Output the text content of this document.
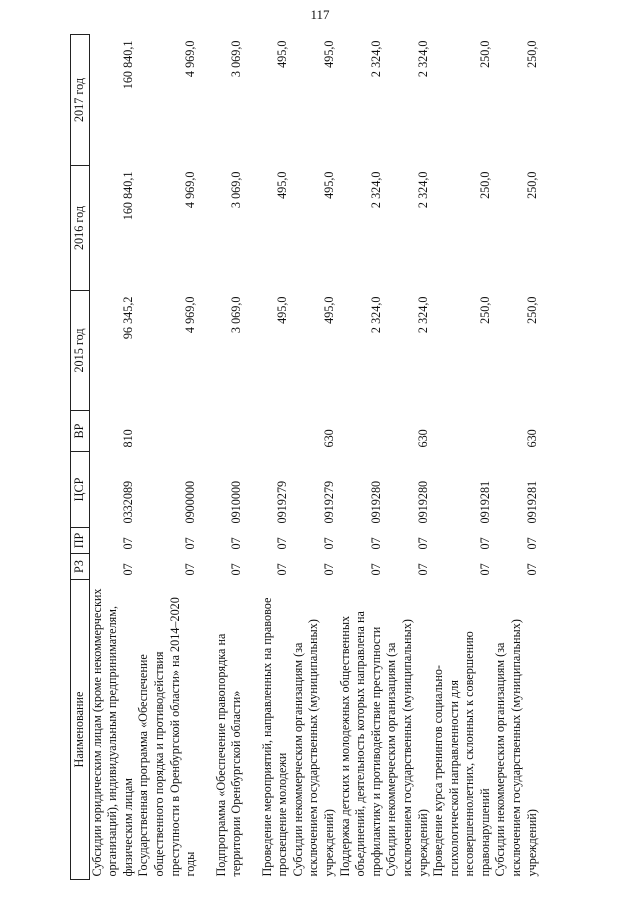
117
Наименование	РЗ	ПР	ЦСР	ВР	2015 год	2016 год	2017 год
Субсидии юридическим лицам (кроме некоммерческих организаций), индивидуальным предпринимателям, физическим лицам	07	07	0332089	810	96 345,2	160 840,1	160 840,1
Государственная программа «Обеспечение общественного порядка и противодействия преступности в Оренбургской области» на 2014–2020 годы	07	07	0900000		4 969,0	4 969,0	4 969,0
Подпрограмма «Обеспечение правопорядка на территории Оренбургской области»	07	07	0910000		3 069,0	3 069,0	3 069,0
Проведение мероприятий, направленных на правовое просвещение молодежи	07	07	0919279		495,0	495,0	495,0
Субсидии некоммерческим организациям (за исключением государственных (муниципальных) учреждений)	07	07	0919279	630	495,0	495,0	495,0
Поддержка детских и молодежных общественных объединений, деятельность которых направлена на профилактику и противодействие преступности	07	07	0919280		2 324,0	2 324,0	2 324,0
Субсидии некоммерческим организациям (за исключением государственных (муниципальных) учреждений)	07	07	0919280	630	2 324,0	2 324,0	2 324,0
Проведение курса тренингов социально-психологической направленности для несовершеннолетних, склонных к совершению правонарушений	07	07	0919281		250,0	250,0	250,0
Субсидии некоммерческим организациям (за исключением государственных (муниципальных) учреждений)	07	07	0919281	630	250,0	250,0	250,0
